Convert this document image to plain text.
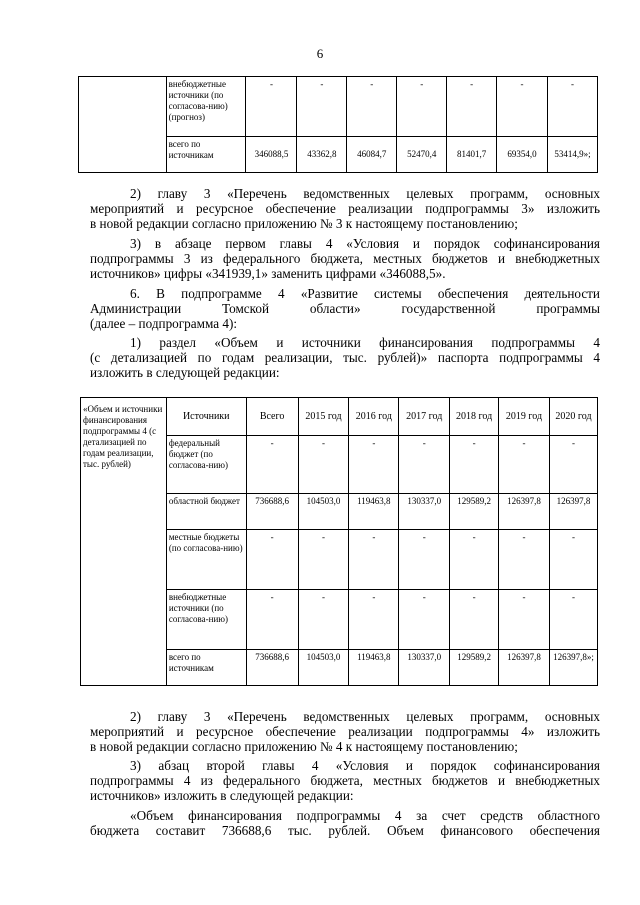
6
	внебюджетные источники (по согласова-нию) (прогноз)	-	-	-	-	-	-	-
	всего по источникам	346088,5	43362,8	46084,7	52470,4	81401,7	69354,0	53414,9»;
2) главу 3 «Перечень ведомственных целевых программ, основных
мероприятий и ресурсное обеспечение реализации подпрограммы 3» изложить
в новой редакции согласно приложению № 3 к настоящему постановлению;
3) в абзаце первом главы 4 «Условия и порядок софинансирования
подпрограммы 3 из федерального бюджета, местных бюджетов и внебюджетных
источников» цифры «341939,1» заменить цифрами «346088,5».
6. В подпрограмме 4 «Развитие системы обеспечения деятельности
Администрации Томской области» государственной программы
(далее – подпрограмма 4):
1) раздел «Объем и источники финансирования подпрограммы 4
(с детализацией по годам реализации, тыс. рублей)» паспорта подпрограммы 4
изложить в следующей редакции:
«Объем и источники финансирования подпрограммы 4 (с детализацией по годам реализации, тыс. рублей)	Источники	Всего	2015 год	2016 год	2017 год	2018 год	2019 год	2020 год
	федеральный бюджет (по согласова-нию)	-	-	-	-	-	-	-
	областной бюджет	736688,6	104503,0	119463,8	130337,0	129589,2	126397,8	126397,8
	местные бюджеты (по согласова-нию)	-	-	-	-	-	-	-
	внебюджетные источники (по согласова-нию)	-	-	-	-	-	-	-
	всего по источникам	736688,6	104503,0	119463,8	130337,0	129589,2	126397,8	126397,8»;
2) главу 3 «Перечень ведомственных целевых программ, основных
мероприятий и ресурсное обеспечение реализации подпрограммы 4» изложить
в новой редакции согласно приложению № 4 к настоящему постановлению;
3) абзац второй главы 4 «Условия и порядок софинансирования
подпрограммы 4 из федерального бюджета, местных бюджетов и внебюджетных
источников» изложить в следующей редакции:
«Объем финансирования подпрограммы 4 за счет средств областного
бюджета составит 736688,6 тыс. рублей. Объем финансового обеспечения
